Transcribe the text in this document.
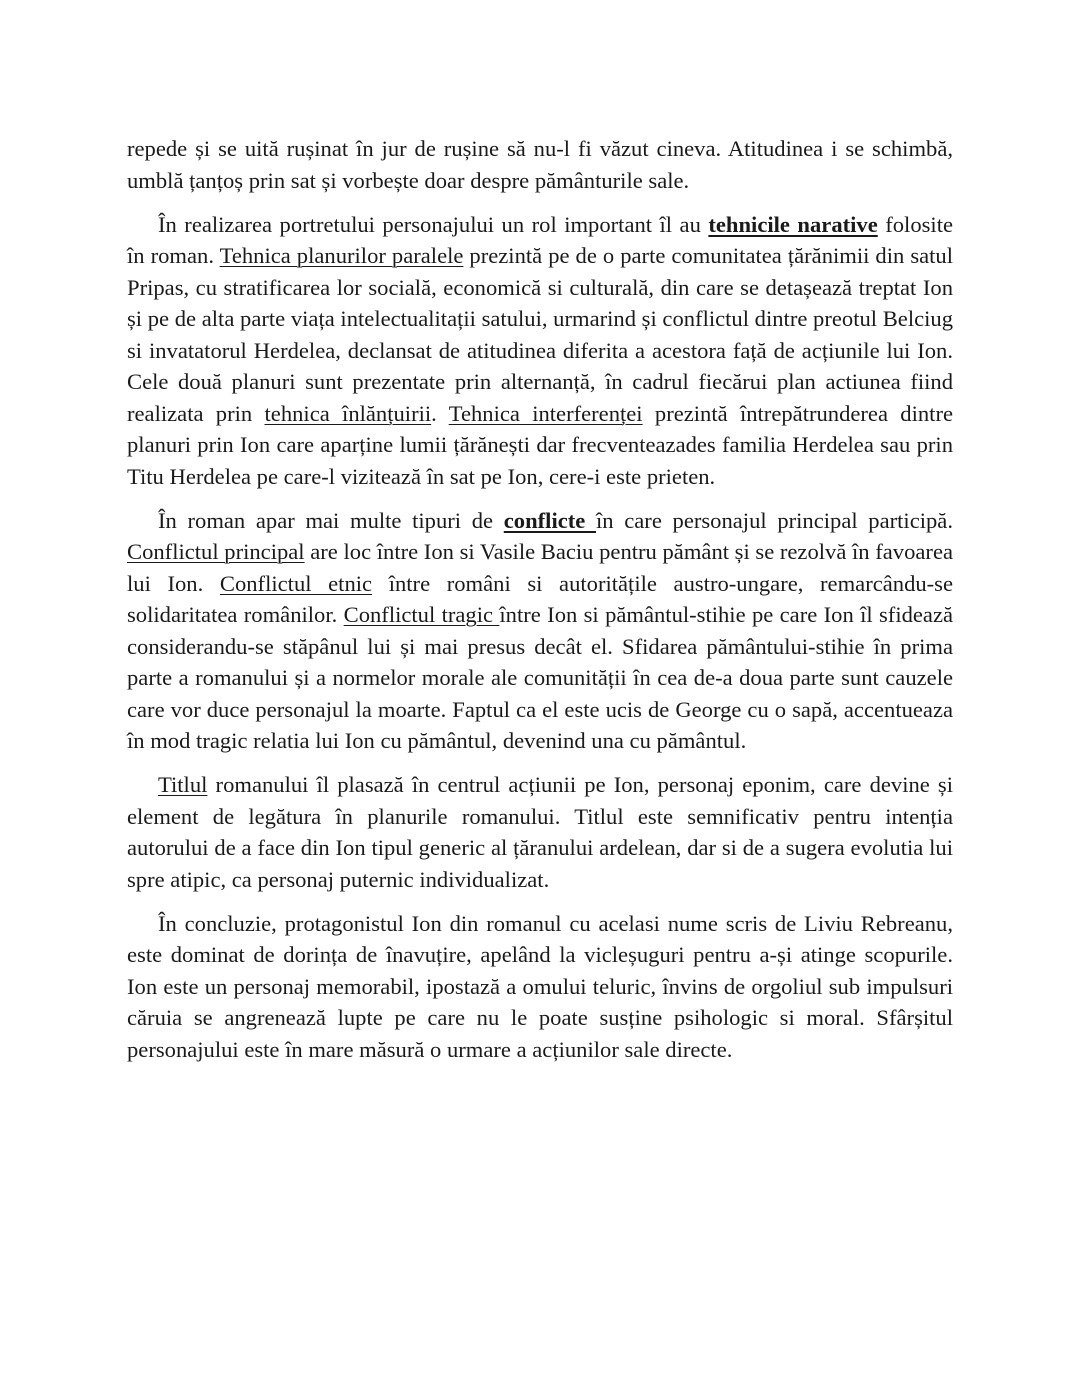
repede și se uită rușinat în jur de rușine să nu-l fi văzut cineva. Atitudinea i se schimbă, umblă țanțoș prin sat și vorbește doar despre pământurile sale.

În realizarea portretului personajului un rol important îl au tehnicile narative folosite în roman. Tehnica planurilor paralele prezintă pe de o parte comunitatea țărănimii din satul Pripas, cu stratificarea lor socială, economică si culturală, din care se detașează treptat Ion și pe de alta parte viața intelectualitații satului, urmarind și conflictul dintre preotul Belciug si invatatorul Herdelea, declansat de atitudinea diferita a acestora față de acțiunile lui Ion. Cele două planuri sunt prezentate prin alternanță, în cadrul fiecărui plan actiunea fiind realizata prin tehnica înlănțuirii. Tehnica interferenței prezintă întrepătrunderea dintre planuri prin Ion care aparține lumii țărănești dar frecventeazades familia Herdelea sau prin Titu Herdelea pe care-l vizitează în sat pe Ion, cere-i este prieten.

În roman apar mai multe tipuri de conflicte în care personajul principal participă. Conflictul principal are loc între Ion si Vasile Baciu pentru pământ și se rezolvă în favoarea lui Ion. Conflictul etnic între români si autoritățile austro-ungare, remarcându-se solidaritatea românilor. Conflictul tragic între Ion si pământul-stihie pe care Ion îl sfidează considerandu-se stăpânul lui și mai presus decât el. Sfidarea pământului-stihie în prima parte a romanului și a normelor morale ale comunității în cea de-a doua parte sunt cauzele care vor duce personajul la moarte. Faptul ca el este ucis de George cu o sapă, accentueaza în mod tragic relatia lui Ion cu pământul, devenind una cu pământul.

Titlul romanului îl plasază în centrul acțiunii pe Ion, personaj eponim, care devine și element de legătura în planurile romanului. Titlul este semnificativ pentru intenția autorului de a face din Ion tipul generic al țăranului ardelean, dar si de a sugera evolutia lui spre atipic, ca personaj puternic individualizat.

În concluzie, protagonistul Ion din romanul cu acelasi nume scris de Liviu Rebreanu, este dominat de dorința de înavuțire, apelând la vicleșuguri pentru a-și atinge scopurile. Ion este un personaj memorabil, ipostază a omului teluric, învins de orgoliul sub impulsuri căruia se angrenează lupte pe care nu le poate susține psihologic si moral. Sfârșitul personajului este în mare măsură o urmare a acțiunilor sale directe.
